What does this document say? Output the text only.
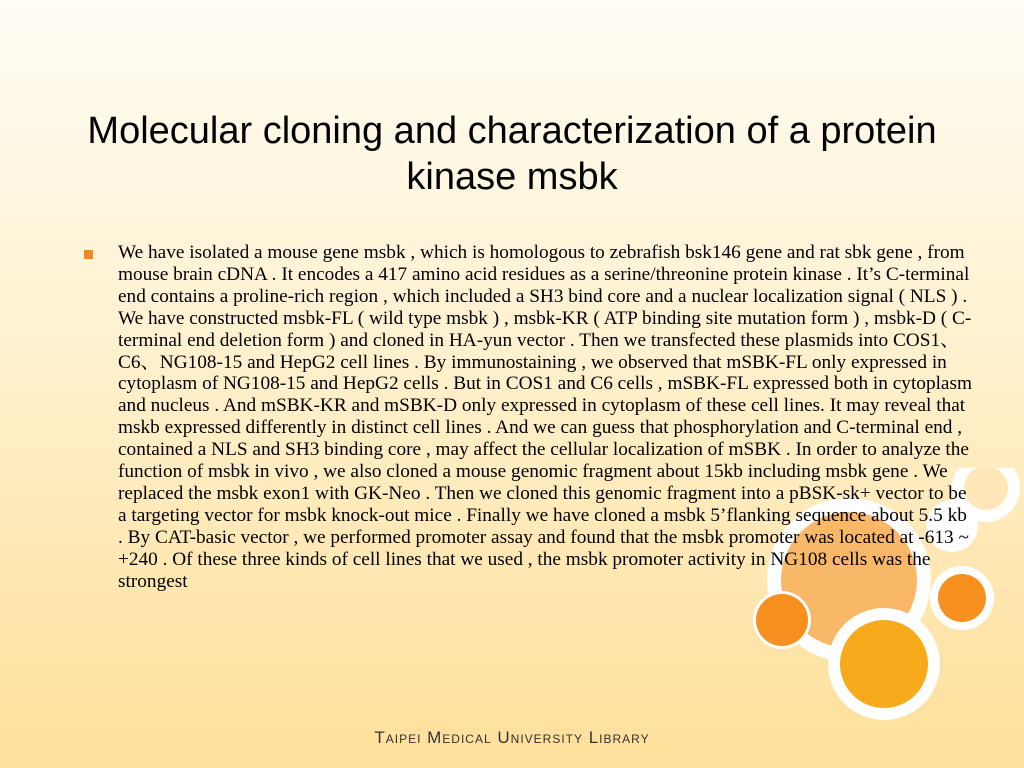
Molecular cloning and characterization of a protein
kinase msbk

We have isolated a mouse gene msbk , which is homologous to zebrafish bsk146 gene and rat sbk gene , from mouse brain cDNA . It encodes a 417 amino acid residues as a serine/threonine protein kinase . It’s C-terminal end contains a proline-rich region , which included a SH3 bind core and a nuclear localization signal ( NLS ) . We have constructed msbk-FL ( wild type msbk ) , msbk-KR ( ATP binding site mutation form ) , msbk-D ( C-terminal end deletion form ) and cloned in HA-yun vector . Then we transfected these plasmids into COS1、C6、NG108-15 and HepG2 cell lines . By immunostaining , we observed that mSBK-FL only expressed in cytoplasm of NG108-15 and HepG2 cells . But in COS1 and C6 cells , mSBK-FL expressed both in cytoplasm and nucleus . And mSBK-KR and mSBK-D only expressed in cytoplasm of these cell lines. It may reveal that mskb expressed differently in distinct cell lines . And we can guess that phosphorylation and C-terminal end , contained a NLS and SH3 binding core , may affect the cellular localization of mSBK . In order to analyze the function of msbk in vivo , we also cloned a mouse genomic fragment about 15kb including msbk gene . We replaced the msbk exon1 with GK-Neo . Then we cloned this genomic fragment into a pBSK-sk+ vector to be a targeting vector for msbk knock-out mice . Finally we have cloned a msbk 5’flanking sequence about 5.5 kb . By CAT-basic vector , we performed promoter assay and found that the msbk promoter was located at -613 ~ +240 . Of these three kinds of cell lines that we used , the msbk promoter activity in NG108 cells was the strongest

Taipei Medical University Library
